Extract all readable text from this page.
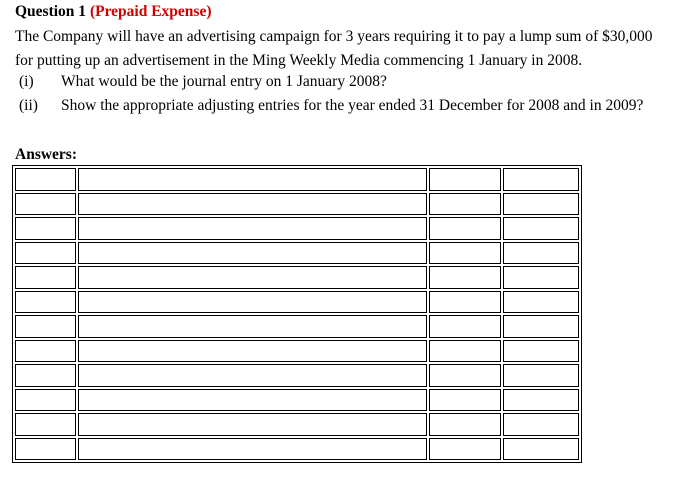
Question 1 (Prepaid Expense)
The Company will have an advertising campaign for 3 years requiring it to pay a lump sum of $30,000
for putting up an advertisement in the Ming Weekly Media commencing 1 January in 2008.
(i) What would be the journal entry on 1 January 2008?
(ii) Show the appropriate adjusting entries for the year ended 31 December for 2008 and in 2009?
Answers:
